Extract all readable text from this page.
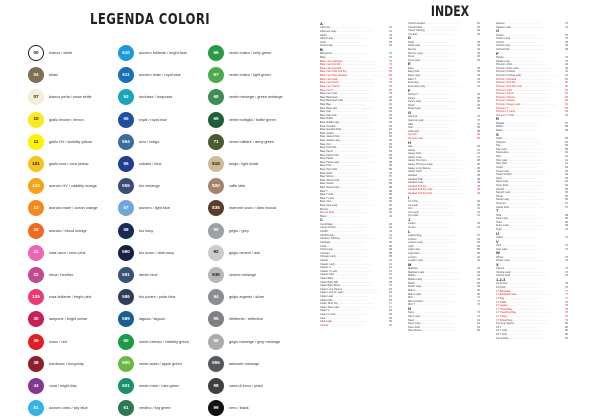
LEGENDA COLORI
00	bianco / white
04	khaki
07	bianco perla / snow white
10	giallo limone / lemon
11	giallo HV / visibility yellow
101	giallo ocra / ocra yellow
120	arancio HV / visibility orange
13	arancio mare / ocean orange
18	arancio / blood orange
21	rosa neon / neon pink
22	erica / heather
135	rosa brillante / bright pink
30	lampone / bright cerise
35	rosso / red
38	bordeaux / burgundy
44	viola / bright lilac
51	azzurro cielo / sky blue
510	azzurro brillante / bright blue
511	azzurro reale / royal blue
53	turchese / turquoise
55	royal / royal blue
554	avio / indigo
56	cobalto / blue
555	blu melange
57	azzurro / light blue
58	blu navy
580	blu scuro / dark navy
581	denim blue
586	blu polare / polar blue
589	laguna / lagoon
60	verde intenso / visibility green
600	verde acido / apple green
601	verde mare / mint green
61	verdino / fog green
66	verde chiaro / kelly green
67	verde chiaro / light green
68	verde melange / green melange
69	verde bottiglia / bottle green
71	verde militare / army green
815	beige / light khaki
820	caffe latte
835	marrone scuro / dark mocca
90	grigio / grey
92	grigio cenere / ash
935	cenere melange
94	grigio argento / silver
95	riflettente / reflective
96	grigio melange / grey melange
955	antracite melange
98	carta di fumo / pistol
99	nero / black
INDEX
A
Adiemus .....	21
Adiemus Lady .....	21
Alpha .....	33
Alpha Lady .....	33
Arctic .....	18
Arctic Lady .....	18
B
Babyproof .....	67
Baby .....	67
Bear-man Cardigan .....	79
Bear-man Full Zip .....	79
Bear-man Hooded .....	79
Bear-man Kids Full Zip .....	80
Bear-man Kids Hooded .....	80
Bear-man Lady .....	79
Bear-man Pants .....	78
Bear-man Shorts .....	78
Bear-man T .....	80
Bear-man Vest .....	78
Bear Backpack .....	92
Bear Backpack Kids .....	92
Bear Bag .....	92
Bear Bag Lady .....	93
Bear Cap .....	94
Bear Cap Kids .....	94
Bear Duffle .....	93
Bear Duffle Lady .....	93
Bear Hooded .....	81
Bear Hooded Kids .....	81
Bear Jacket .....	82
Bear Jacket Kids .....	82
Bear Jacket Lady .....	82
Bear Knit .....	83
Bear Knit Kids .....	83
Bear Pants .....	84
Bear Pants Kids .....	84
Bear Parka .....	85
Bear Parka Lady .....	85
Bear Polo .....	86
Bear Polo Kids .....	86
Bear Scarf .....	94
Bear Shorts .....	87
Bear Shorts Kids .....	87
Bear Sweat .....	88
Bear Sweat Kids .....	88
Bear T .....	89
Bear T Kids .....	89
Bear T Lady .....	89
Bear Vest .....	90
Bear Vest Lady .....	90
Bonnet .....	95
Bonnet Kids .....	95
Bravo .....	34
C
Cambridge .....	40
Camp Pocket .....	51
Cardiff .....	41
Cardiff Lady .....	41
Carolina Training .....	57
Cardigan .....	52
Chick .....	68
Chick Lady .....	68
Chicago .....	58
Chicago Lady .....	58
Classic .....	12
Classic Lady .....	12
Classic V .....	13
Classic V Lady .....	13
Classic Kids .....	14
Clean Baby .....	69
Clean Baby Bib .....	69
Clean Baby Body .....	70
Clean Long Sleeve .....	15
Clean Long Sl. Lady .....	15
Clean Lady .....	16
Clean Kids .....	16
Clean Tank Top .....	17
Clean Tank Lady .....	17
Clean V .....	18
Clean V Lady .....	18
Club .....	59
Club Lady .....	59
Cloudy .....	20
Cloud Hooded .....	62
Cloud Pants .....	62
Cloud Training .....	63
Comfort .....	22
D
Delta .....	35
Delta Lady .....	35
Denver .....	44
Denver Lady .....	44
Dyna .....	26
Dyna Lady .....	26
E
Easy .....	45
Easy Kids .....	45
Easy Lady .....	45
Easy T .....	23
Everyday .....	24
Everyday Lady .....	24
F
Family T .....	25
Fancy .....	36
Fancy Lady .....	36
Flash .....	46
Flash Lady .....	46
G
Gamma .....	37
Gamma Lady .....	37
Gilet .....	47
Golf .....	38
Golf Lady .....	38
Gymnic .....	60
Gymnic Lady .....	60
H
Hat .....	96
Heavy .....	27
Heavy Kids .....	27
Heavy Lady .....	27
Heavy Premium .....	28
Heavy Premium Lady .....	28
Heavy Long Sleeve .....	29
Heavy Tank .....	29
Hooded .....	48
Hooded Kids .....	48
Hooded Lady .....	48
Hooded Full Zip .....	49
Hooded Full Zip Lady .....	49
Hooded Full Zip Kids .....	49
I
Ice Tube .....	30
Ice Lady .....	30
Iron .....	31
Iron Lady .....	31
Iron Kids .....	31
J
Jacket .....	53
Jersey .....	32
L
Laptop Bag .....	97
Leisure .....	54
Leisure Lady .....	54
Light .....	55
Light Lady .....	55
Light Kids .....	55
London .....	42
London Lady .....	42
M
Madison .....	43
Madison Lady .....	43
Malibu .....	64
Malibu Lady .....	64
Match .....	65
Match Lady .....	65
Miami .....	66
Miami Lady .....	66
Mini .....	71
Mini Hooded .....	71
Mini T .....	72
N
Navy .....	73
Navy Lady .....	73
Neon .....	19
Neon Lady .....	19
Neon Kids .....	19
New Fleece .....	56
Newton .....	74
Newton Lady .....	74
O
Ocean .....	75
Ocean Lady .....	75
Oxford .....	39
Oxford Lady .....	39
Oxford Kids .....	39
P
Panda .....	76
Panda Lady .....	76
Premium Polo .....	40
Premium Polo Lady .....	40
Premium Pocket .....	41
Premium Pocket Lady .....	41
Premium Hooded .....	50
Premium Full Zip .....	50
Premium Full Zip Lady .....	50
Premium Kids .....	51
Premium Pants .....	51
Premium Shorts .....	52
Premium Sweat .....	52
Premium Sweat Lady .....	52
Premium T .....	53
Premium T Lady .....	53
Premium T Kids .....	53
R
Raglan .....	57
Reflex .....	98
Relax .....	58
S
Scarf .....	99
Shopper .....	97
Sky .....	59
Sky Lady .....	59
Sleeveless .....	60
Slim .....	61
Slim Lady .....	61
Slim Kids .....	61
Smart .....	62
Smart Lady .....	62
Smart Pocket .....	63
Sport .....	64
Sport Lady .....	64
Sport Kids .....	64
Stretch .....	65
Stretch Lady .....	65
Street .....	66
Street Lady .....	66
Summer .....	67
Sweat Kids .....	67
T
Tank .....	68
Tank Lady .....	68
Team .....	69
Team Lady .....	69
Tiger .....	70
U
Urban .....	71
V
Vest .....	72
Vest Lady .....	72
W
Winter .....	73
Winter Lady .....	73
X
Xtreme .....	74
Xtreme Lady .....	74
Xtreme Kids .....	74
1-2-3
10 Pocket .....	75
12 Pack .....	76
17 Backpack .....	77
17 Backpack Kids .....	77
17 Bag .....	77
17 Duffle .....	78
17 Laptop .....	78
17 Travel Bag .....	78
17 Travelling Bag .....	79
17 Trolley .....	79
17 Wheel Bag .....	79
19 Long Sleeve .....	80
19 T .....	80
19 T Lady .....	80
19 T Kids .....	80
19 Hooded .....	81
